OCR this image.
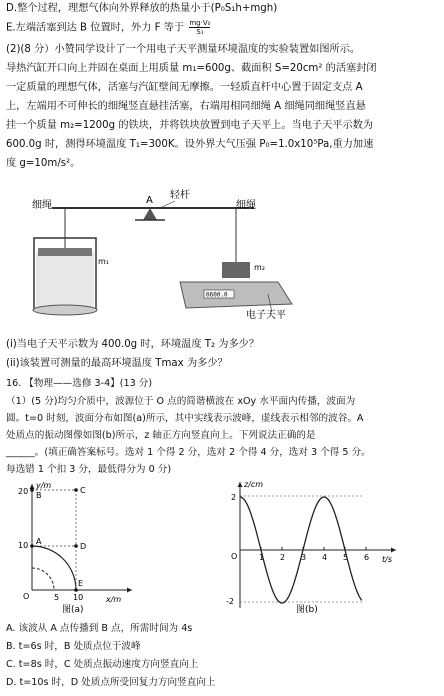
D.整个过程，理想气体向外界释放的热量小于(P₀S₁h+mgh)
E.左端活塞到达 B 位置时，外力 F 等于 $\frac{\text{mg·V₀}}{\text{S₁}}$
(2)(8 分）小赞同学设计了一个用电子天平测量环境温度的实验装置如图所示。
导热汽缸开口向上并固在桌面上用质量 m₁=600g、截面积 S=20cm² 的活塞封闭
一定质量的理想气体，活塞与汽缸壁间无摩擦。一轻质直杆中心置于固定支点 A
上，左端用不可伸长的细绳竖直悬挂活塞，右端用相同细绳 A 细绳同细绳竖直悬
挂一个质量 m₂=1200g 的铁块，并将铁块放置到电子天平上。当电子天平示数为
600.0g 时，测得环境温度 T₁=300K。设外界大气压强 P₀=1.0x10⁵Pa,重力加速
度 g=10m/s²。
A 轻杆
细绳	细绳
m₁
m₂
0600.0
电子天平
(i)当电子天平示数为 400.0g 时，环境温度 T₂ 为多少？
(ii)该装置可测量的最高环境温度 Tmax 为多少？
16. 【物理——选修 3-4】(13 分)
（1）(5 分)均匀介质中，波源位于 O 点的简谐横波在 xOy 水平面内传播，波面为
圆。t=0 时刻，波面分布如图(a)所示，其中实线表示波峰，虚线表示相邻的波谷。A
处质点的振动图像如图(b)所示，z 轴正方向竖直向上。下列说法正确的是
______。(填正确答案标号。选对 1 个得 2 分，选对 2 个得 4 分，选对 3 个得 5 分。
每选错 1 个扣 3 分，最低得分为 0 分)
y/m
x/m
O	5 10
10
20
A
B
C
D
E
图(a)
z/cm
t/s
O
2
-2
1 2 3 4 5 6
图(b)
A. 该波从 A 点传播到 B 点，所需时间为 4s
B. t=6s 时，B 处质点位于波峰
C. t=8s 时，C 处质点振动速度方向竖直向上
D. t=10s 时，D 处质点所受回复力方向竖直向上
